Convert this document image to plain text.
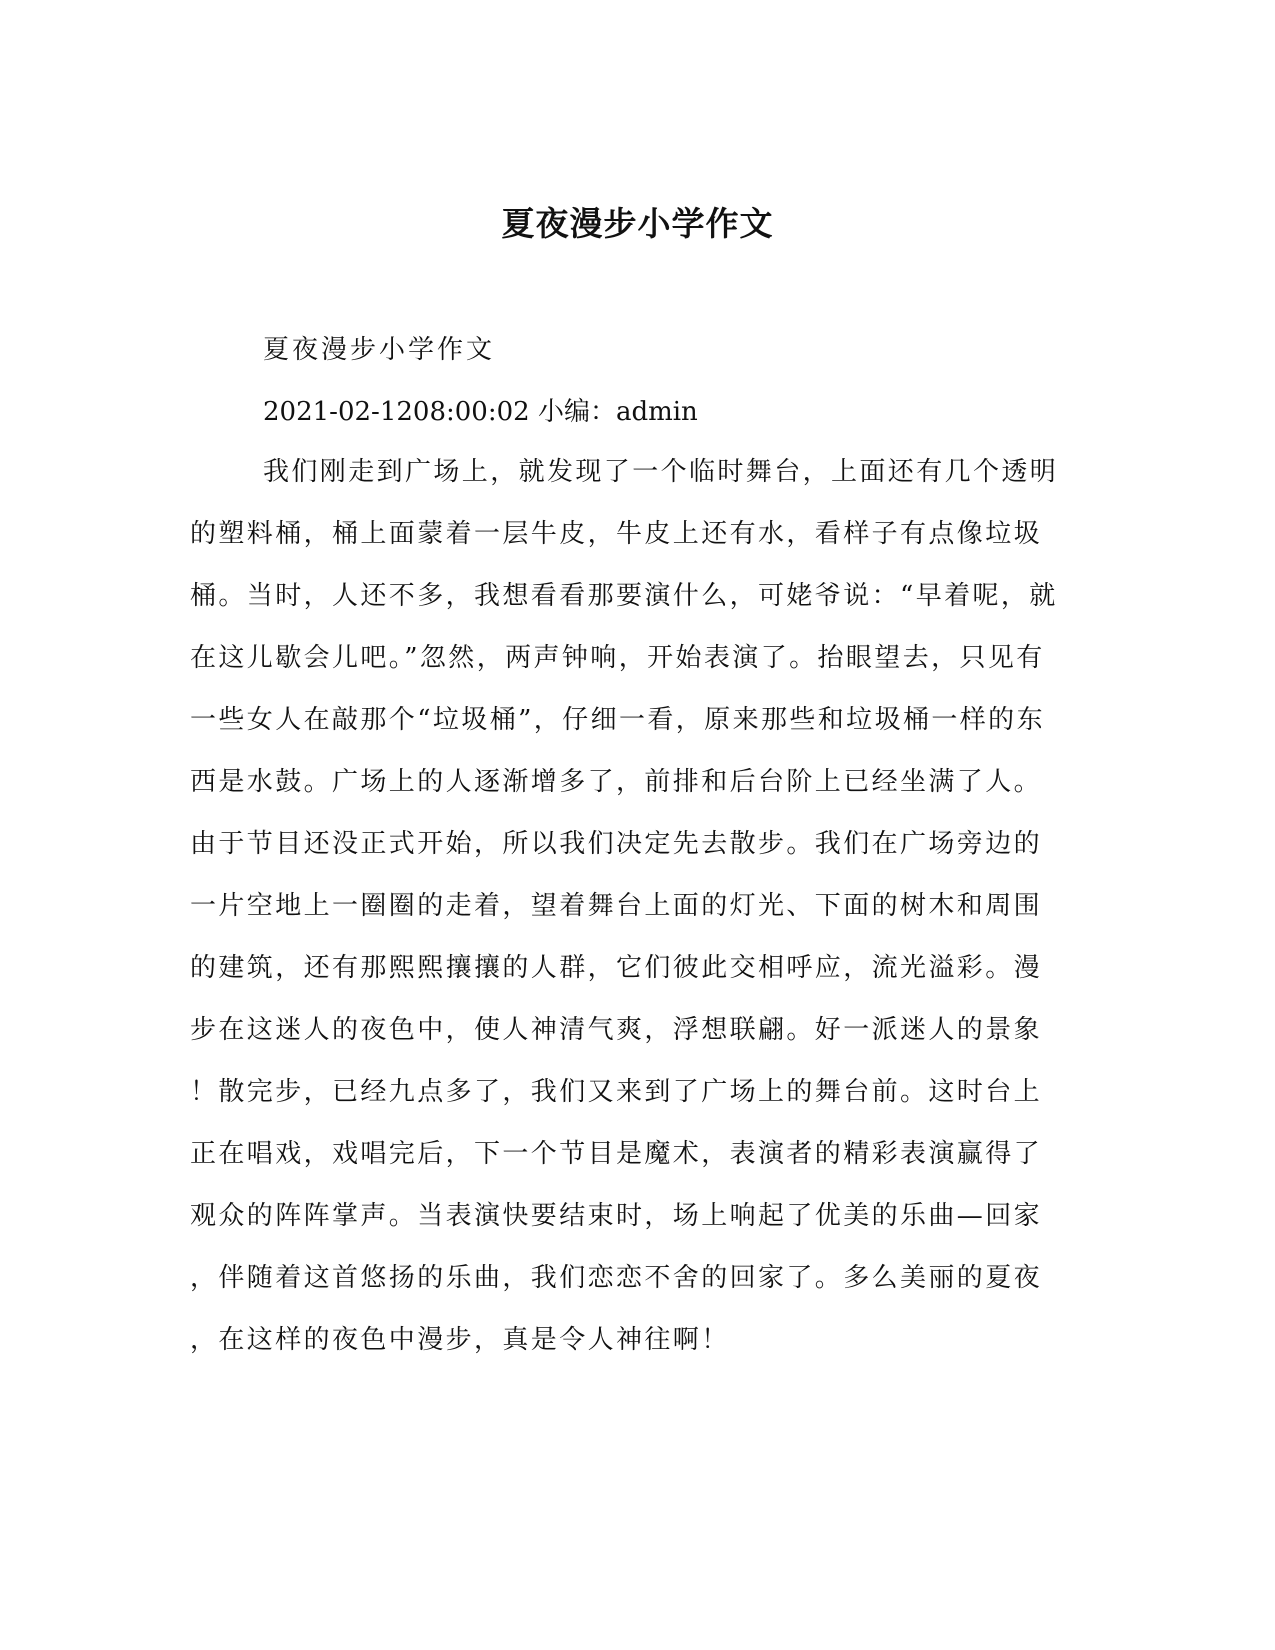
夏夜漫步小学作文
夏夜漫步小学作文
2021-02-1208:00:02 小编：admin
我们刚走到广场上，就发现了一个临时舞台，上面还有几个透明
的塑料桶，桶上面蒙着一层牛皮，牛皮上还有水，看样子有点像垃圾
桶。当时，人还不多，我想看看那要演什么，可姥爷说：“早着呢，就
在这儿歇会儿吧。”忽然，两声钟响，开始表演了。抬眼望去，只见有
一些女人在敲那个“垃圾桶”，仔细一看，原来那些和垃圾桶一样的东
西是水鼓。广场上的人逐渐增多了，前排和后台阶上已经坐满了人。
由于节目还没正式开始，所以我们决定先去散步。我们在广场旁边的
一片空地上一圈圈的走着，望着舞台上面的灯光、下面的树木和周围
的建筑，还有那熙熙攘攘的人群，它们彼此交相呼应，流光溢彩。漫
步在这迷人的夜色中，使人神清气爽，浮想联翩。好一派迷人的景象
！散完步，已经九点多了，我们又来到了广场上的舞台前。这时台上
正在唱戏，戏唱完后，下一个节目是魔术，表演者的精彩表演赢得了
观众的阵阵掌声。当表演快要结束时，场上响起了优美的乐曲—回家
，伴随着这首悠扬的乐曲，我们恋恋不舍的回家了。多么美丽的夏夜
，在这样的夜色中漫步，真是令人神往啊！
